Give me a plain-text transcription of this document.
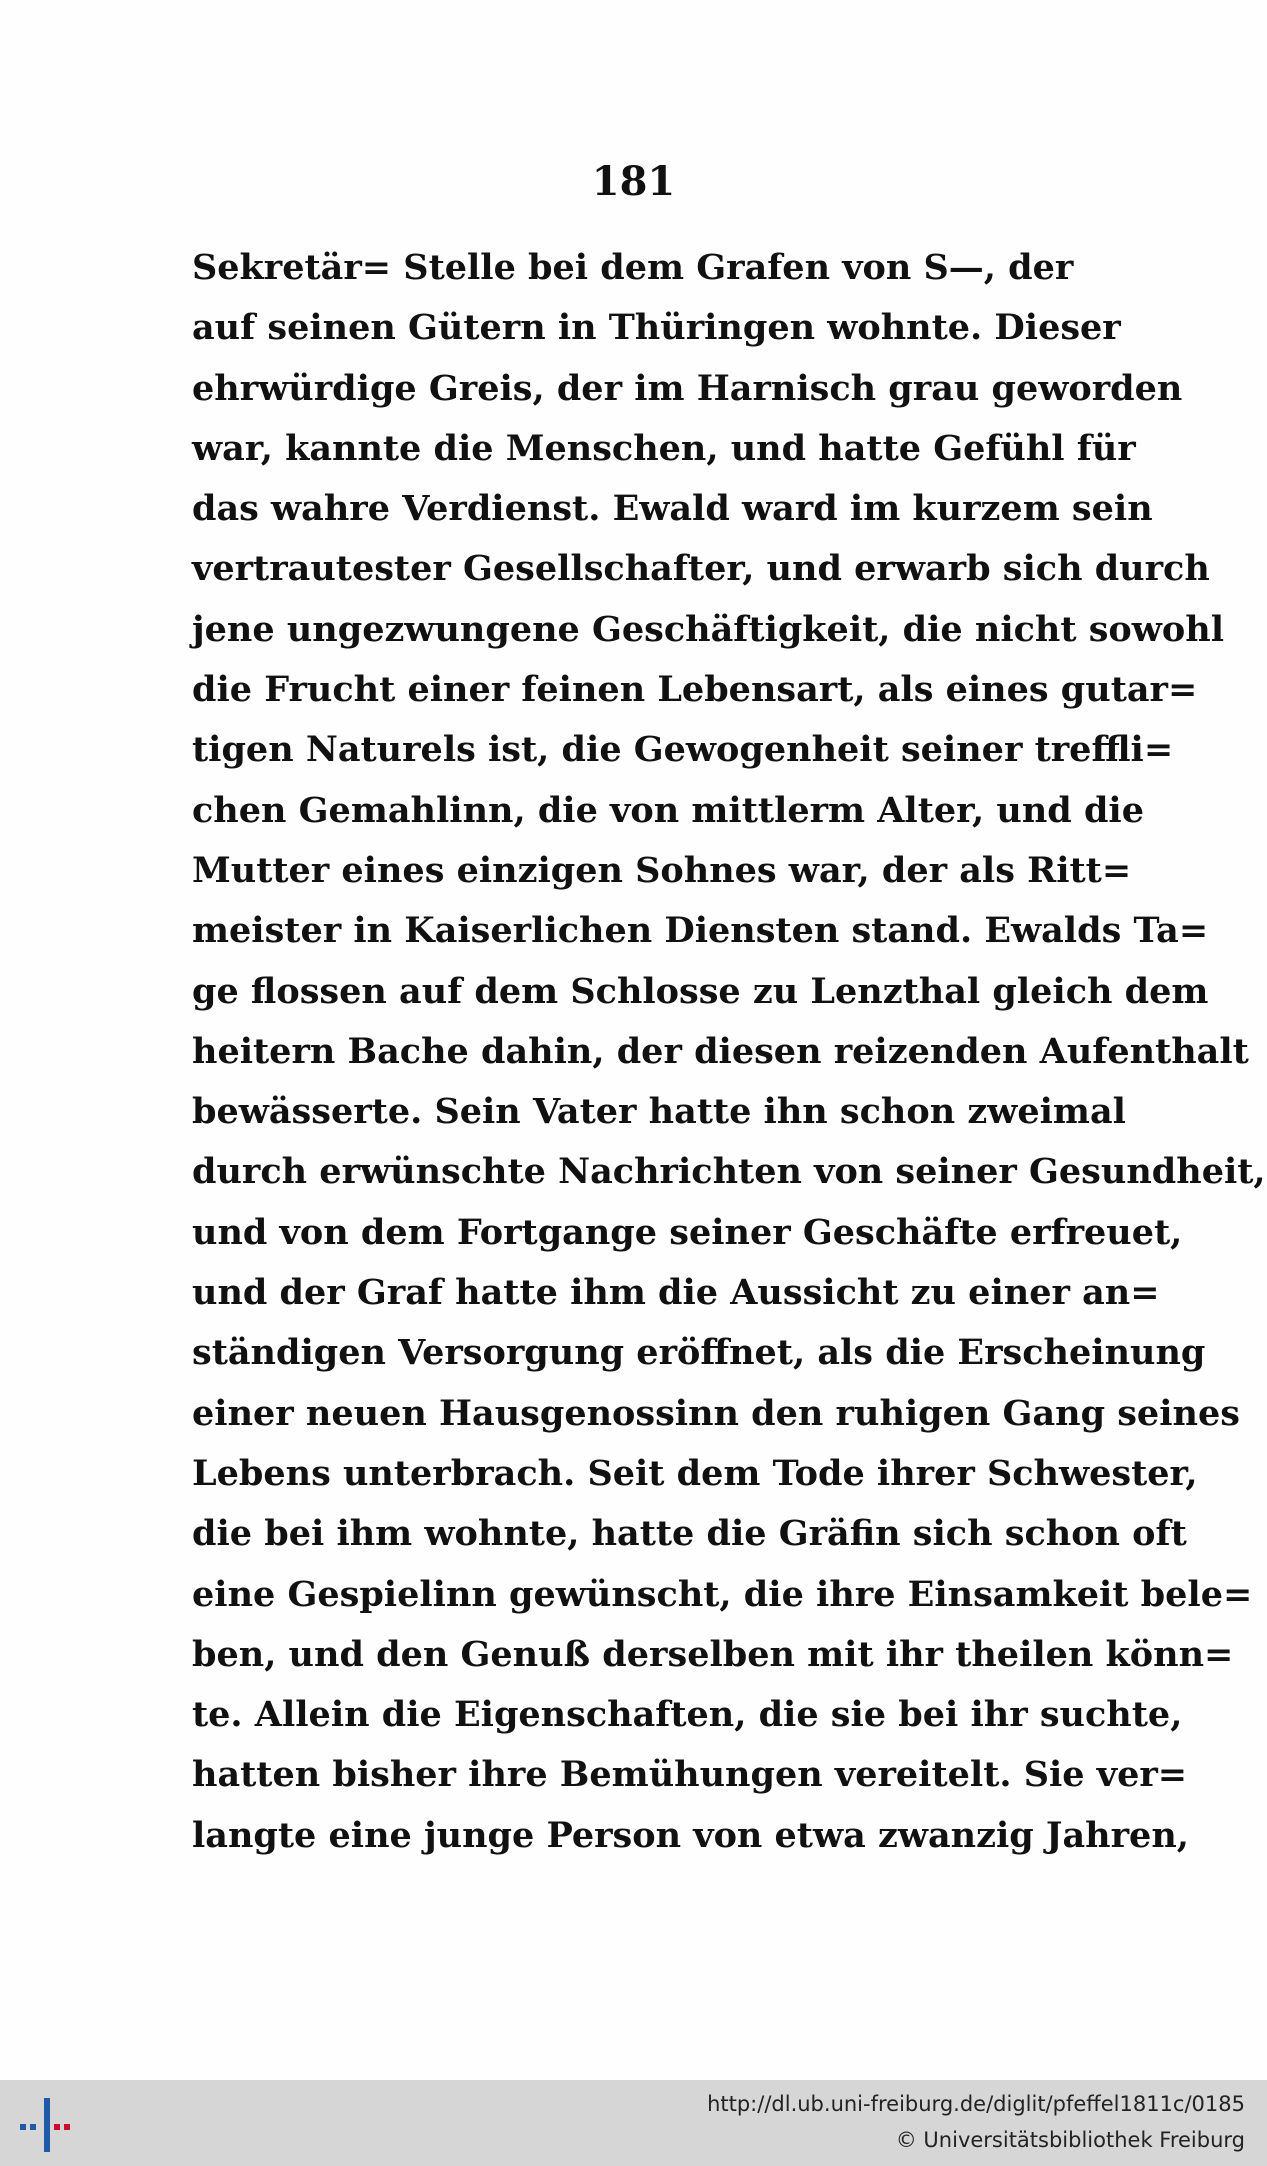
181
Sekretär= Stelle bei dem Grafen von S—, der
auf seinen Gütern in Thüringen wohnte. Dieser
ehrwürdige Greis, der im Harnisch grau geworden
war, kannte die Menschen, und hatte Gefühl für
das wahre Verdienst. Ewald ward im kurzem sein
vertrautester Gesellschafter, und erwarb sich durch
jene ungezwungene Geschäftigkeit, die nicht sowohl
die Frucht einer feinen Lebensart, als eines gutar=
tigen Naturels ist, die Gewogenheit seiner treffli=
chen Gemahlinn, die von mittlerm Alter, und die
Mutter eines einzigen Sohnes war, der als Ritt=
meister in Kaiserlichen Diensten stand. Ewalds Ta=
ge flossen auf dem Schlosse zu Lenzthal gleich dem
heitern Bache dahin, der diesen reizenden Aufenthalt
bewässerte. Sein Vater hatte ihn schon zweimal
durch erwünschte Nachrichten von seiner Gesundheit,
und von dem Fortgange seiner Geschäfte erfreuet,
und der Graf hatte ihm die Aussicht zu einer an=
ständigen Versorgung eröffnet, als die Erscheinung
einer neuen Hausgenossinn den ruhigen Gang seines
Lebens unterbrach. Seit dem Tode ihrer Schwester,
die bei ihm wohnte, hatte die Gräfin sich schon oft
eine Gespielinn gewünscht, die ihre Einsamkeit bele=
ben, und den Genuß derselben mit ihr theilen könn=
te. Allein die Eigenschaften, die sie bei ihr suchte,
hatten bisher ihre Bemühungen vereitelt. Sie ver=
langte eine junge Person von etwa zwanzig Jahren,
http://dl.ub.uni-freiburg.de/diglit/pfeffel1811c/0185
© Universitätsbibliothek Freiburg
